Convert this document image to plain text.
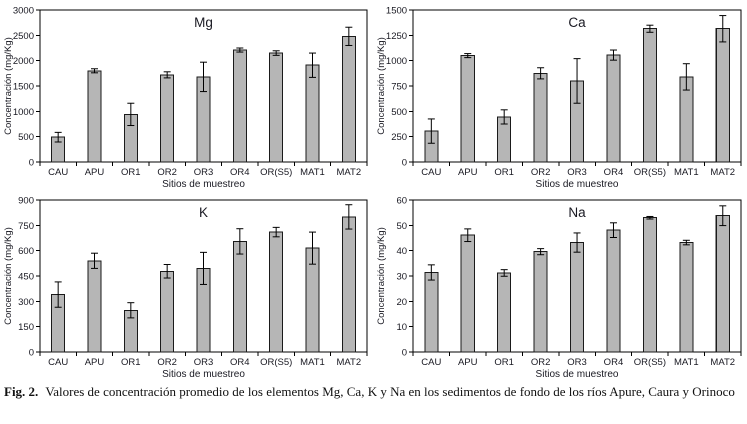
0
500
1000
1500
2000
2500
3000
CAU APU OR1 OR2 OR3 OR4 OR(S5) MAT1 MAT2
Mg
Sitios de muestreo
Concentración (mg/Kg)
0
250
500
750
1000
1250
1500
CAU APU OR1 OR2 OR3 OR4 OR(S5) MAT1 MAT2
Ca
Sitios de muestreo
Concentración (mg/Kg)
0
150
300
450
600
750
900
CAU APU OR1 OR2 OR3 OR4 OR(S5) MAT1 MAT2
K
Sitios de muestreo
Concentración (mg/Kg)
0
10
20
30
40
50
60
CAU APU OR1 OR2 OR3 OR4 OR(S5) MAT1 MAT2
Na
Sitios de muestreo
Concentración (mg/Kg)
Fig. 2. Valores de concentración promedio de los elementos Mg, Ca, K y Na en los sedimentos de fondo de los ríos Apure, Caura y Orinoco
